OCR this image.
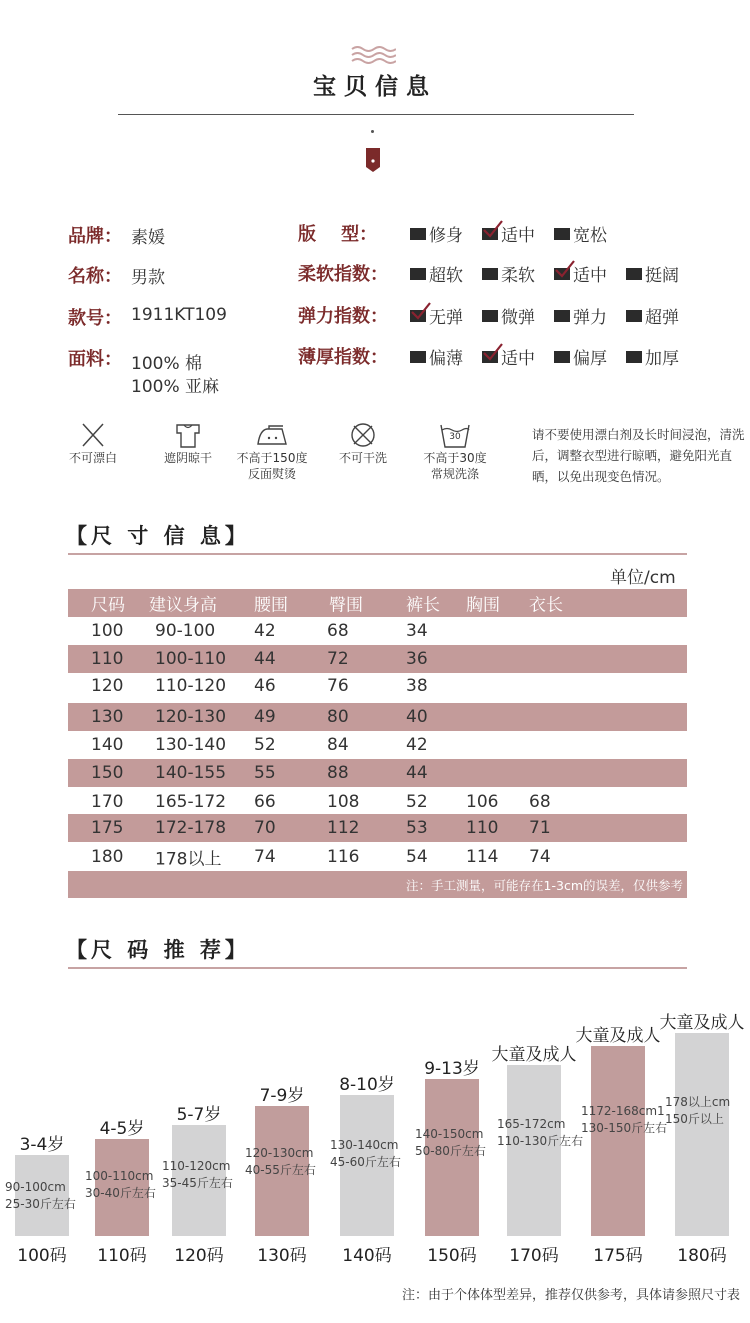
宝贝信息
品牌： 素媛
名称： 男款
款号： 1911KT109
面料： 100% 棉
100% 亚麻
版    型：	修身 适中 宽松
柔软指数： 超软 柔软 适中 挺阔
弹力指数： 无弹 微弹 弹力 超弹
薄厚指数： 偏薄 适中 偏厚 加厚
不可漂白	遮阴晾干	不高于150度
反面熨烫
不可干洗
30
不高于30度
常规洗涤
请不要使用漂白剂及长时间浸泡，清洗后，调整衣型进行晾晒，避免阳光直晒，以免出现变色情况。
【尺 寸 信 息】
单位/cm
尺码 建议身高 腰围 臀围	裤长 胸围 衣长
100 90-100 42	68	34
110 100-110 44	72	36
120 110-120 46	76	38
130 120-130 49	80	40
140 130-140 52	84	42
150 140-155 55	88	44
170 165-172 66	108	52 106 68
175 172-178 70	112	53 110 71
180 178以上 74	116	54 114 74
注：手工测量，可能存在1-3cm的误差，仅供参考
【尺 码 推 荐】
3-4岁
90-100cm
25-30斤左右
100码
4-5岁
100-110cm
30-40斤左右
110码
5-7岁
110-120cm
35-45斤左右
120码
7-9岁
120-130cm
40-55斤左右
130码
8-10岁
130-140cm
45-60斤左右
140码
9-13岁
140-150cm
50-80斤左右
150码
大童及成人
165-172cm
110-130斤左右
170码
大童及成人
1172-168cm1
130-150斤左右
175码
大童及成人
178以上cm
150斤以上
180码
注：由于个体体型差异，推荐仅供参考，具体请参照尺寸表
